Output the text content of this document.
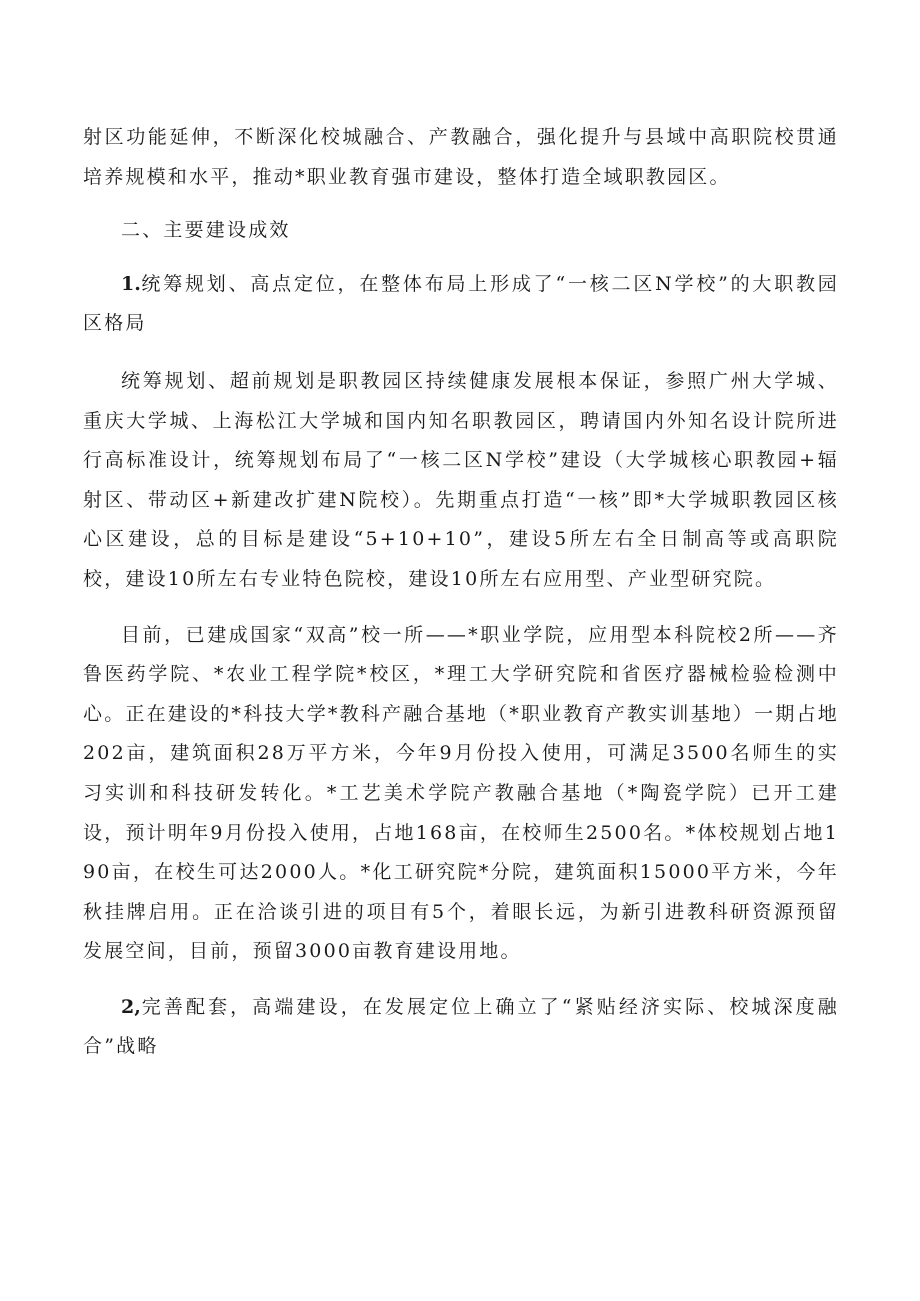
射区功能延伸，不断深化校城融合、产教融合，强化提升与县域中高职院校贯通培养规模和水平，推动*职业教育强市建设，整体打造全域职教园区。

二、主要建设成效

1.统筹规划、高点定位，在整体布局上形成了“一核二区N学校”的大职教园区格局

统筹规划、超前规划是职教园区持续健康发展根本保证，参照广州大学城、重庆大学城、上海松江大学城和国内知名职教园区，聘请国内外知名设计院所进行高标准设计，统筹规划布局了“一核二区N学校”建设（大学城核心职教园+辐射区、带动区+新建改扩建N院校）。先期重点打造“一核”即*大学城职教园区核心区建设，总的目标是建设“5+10+10”，建设5所左右全日制高等或高职院校，建设10所左右专业特色院校，建设10所左右应用型、产业型研究院。

目前，已建成国家“双高”校一所——*职业学院，应用型本科院校2所——齐鲁医药学院、*农业工程学院*校区，*理工大学研究院和省医疗器械检验检测中心。正在建设的*科技大学*教科产融合基地（*职业教育产教实训基地）一期占地202亩，建筑面积28万平方米，今年9月份投入使用，可满足3500名师生的实习实训和科技研发转化。*工艺美术学院产教融合基地（*陶瓷学院）已开工建设，预计明年9月份投入使用，占地168亩，在校师生2500名。*体校规划占地190亩，在校生可达2000人。*化工研究院*分院，建筑面积15000平方米，今年秋挂牌启用。正在洽谈引进的项目有5个，着眼长远，为新引进教科研资源预留发展空间，目前，预留3000亩教育建设用地。

2,完善配套，高端建设，在发展定位上确立了“紧贴经济实际、校城深度融合”战略
